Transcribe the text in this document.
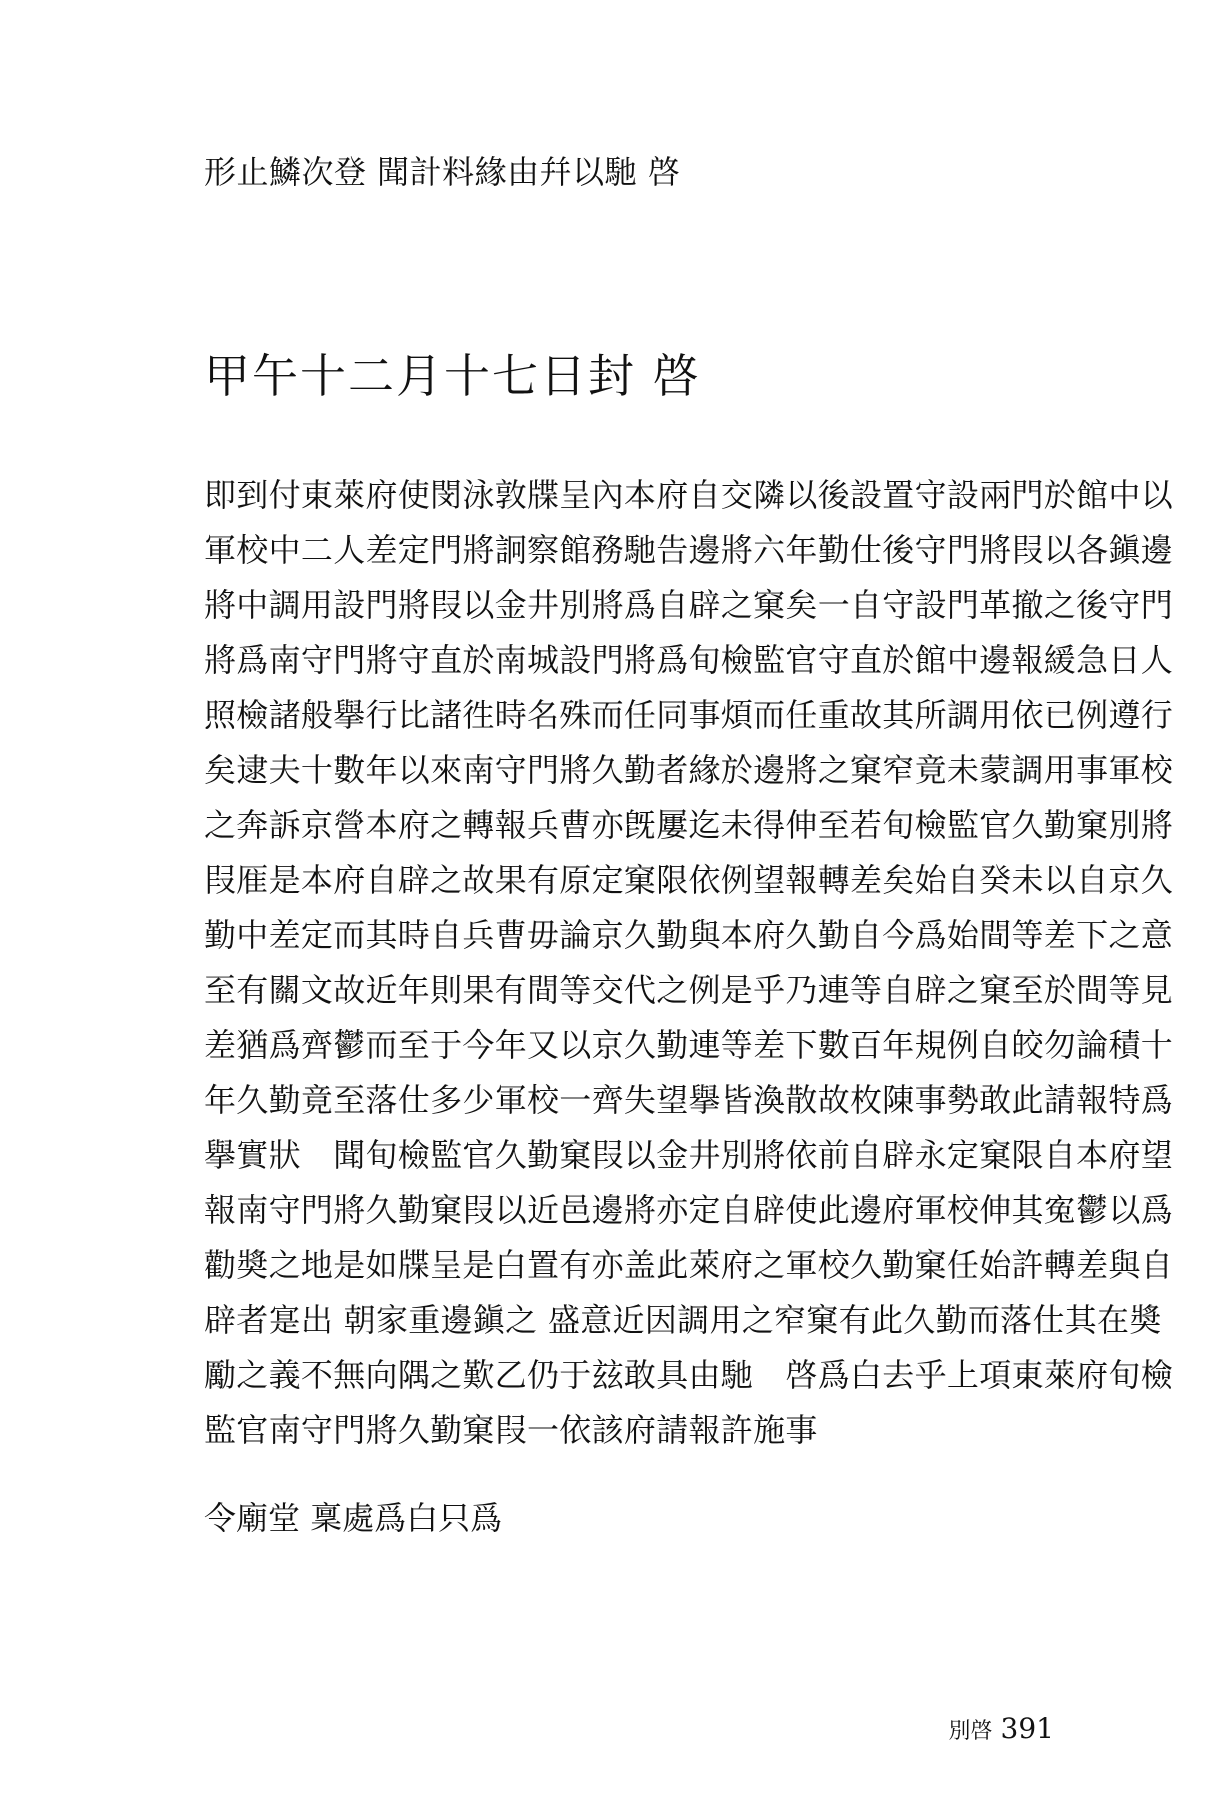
形止鱗次登 聞計料緣由幷以馳 啓
甲午十二月十七日封 啓
即到付東萊府使閔泳敦牒呈內本府自交隣以後設置守設兩門於館中以
軍校中二人差定門將詗察館務馳告邊將六年勤仕後守門將叚以各鎭邊
將中調用設門將叚以金井別將爲自辟之窠矣一自守設門革撤之後守門
將爲南守門將守直於南城設門將爲旬檢監官守直於館中邊報緩急日人
照檢諸般擧行比諸徃時名殊而任同事煩而任重故其所調用依已例遵行
矣逮夫十數年以來南守門將久勤者緣於邊將之窠窄竟未蒙調用事軍校
之奔訴京營本府之轉報兵曹亦旣屢迄未得伸至若旬檢監官久勤窠別將
叚㕍是本府自辟之故果有原定窠限依例望報轉差矣始自癸未以自京久
勤中差定而其時自兵曹毋論京久勤與本府久勤自今爲始間等差下之意
至有關文故近年則果有間等交代之例是乎乃連等自辟之窠至於間等見
差猶爲齊鬱而至于今年又以京久勤連等差下數百年規例自皎勿論積十
年久勤竟至落仕多少軍校一齊失望擧皆渙散故枚陳事勢敢此請報特爲
擧實狀　聞旬檢監官久勤窠叚以金井別將依前自辟永定窠限自本府望
報南守門將久勤窠叚以近邑邊將亦定自辟使此邊府軍校伸其寃鬱以爲
勸奬之地是如牒呈是白置有亦盖此萊府之軍校久勤窠任始許轉差與自
辟者寔出 朝家重邊鎭之 盛意近因調用之窄窠有此久勤而落仕其在奬
勵之義不無向隅之歎乙仍于玆敢具由馳　啓爲白去乎上項東萊府旬檢
監官南守門將久勤窠叚一依該府請報許施事
令廟堂 稟處爲白只爲
別啓 391
